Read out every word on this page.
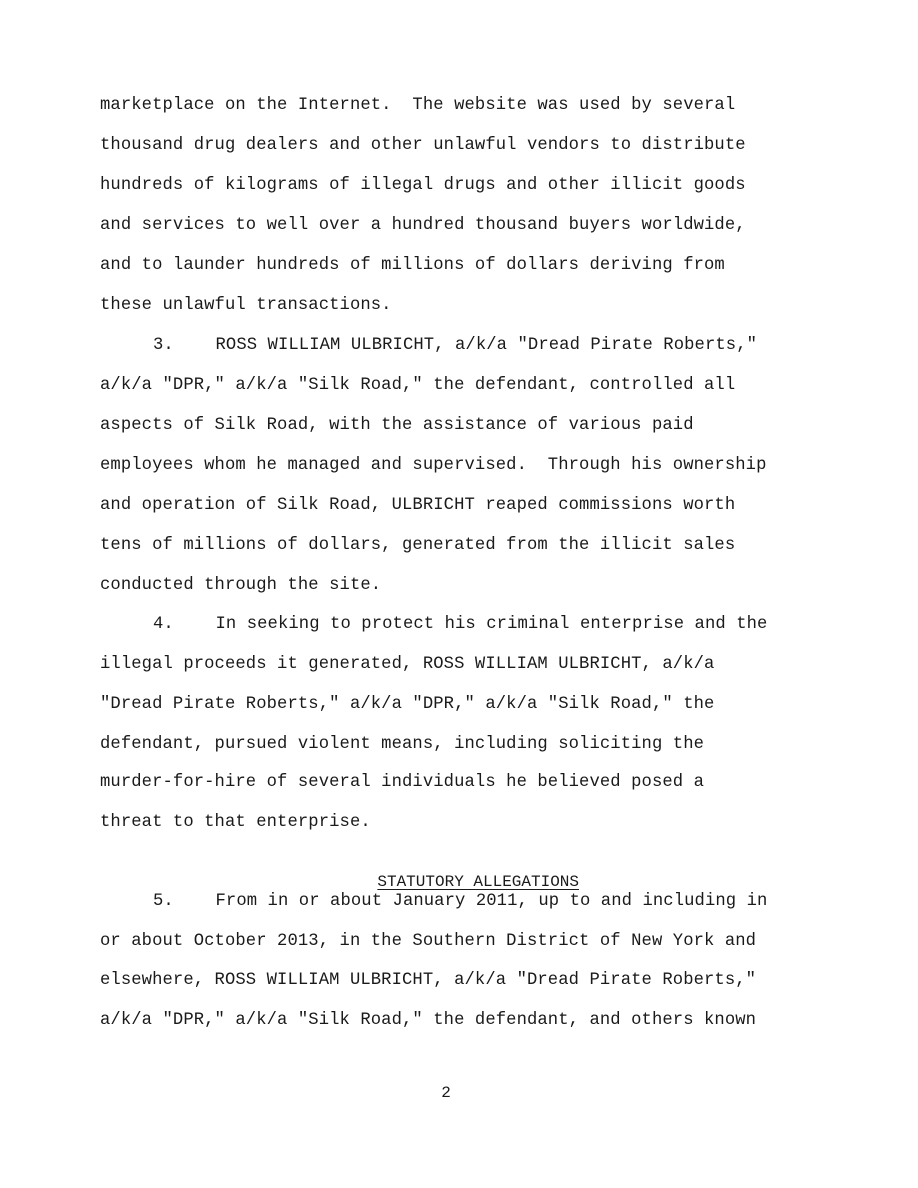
marketplace on the Internet.  The website was used by several
thousand drug dealers and other unlawful vendors to distribute
hundreds of kilograms of illegal drugs and other illicit goods
and services to well over a hundred thousand buyers worldwide,
and to launder hundreds of millions of dollars deriving from
these unlawful transactions.
3.    ROSS WILLIAM ULBRICHT, a/k/a "Dread Pirate Roberts,"
a/k/a "DPR," a/k/a "Silk Road," the defendant, controlled all
aspects of Silk Road, with the assistance of various paid
employees whom he managed and supervised.  Through his ownership
and operation of Silk Road, ULBRICHT reaped commissions worth
tens of millions of dollars, generated from the illicit sales
conducted through the site.
4.    In seeking to protect his criminal enterprise and the
illegal proceeds it generated, ROSS WILLIAM ULBRICHT, a/k/a
"Dread Pirate Roberts," a/k/a "DPR," a/k/a "Silk Road," the
defendant, pursued violent means, including soliciting the
murder-for-hire of several individuals he believed posed a
threat to that enterprise.

STATUTORY ALLEGATIONS

5.    From in or about January 2011, up to and including in
or about October 2013, in the Southern District of New York and
elsewhere, ROSS WILLIAM ULBRICHT, a/k/a "Dread Pirate Roberts,"
a/k/a "DPR," a/k/a "Silk Road," the defendant, and others known
2
